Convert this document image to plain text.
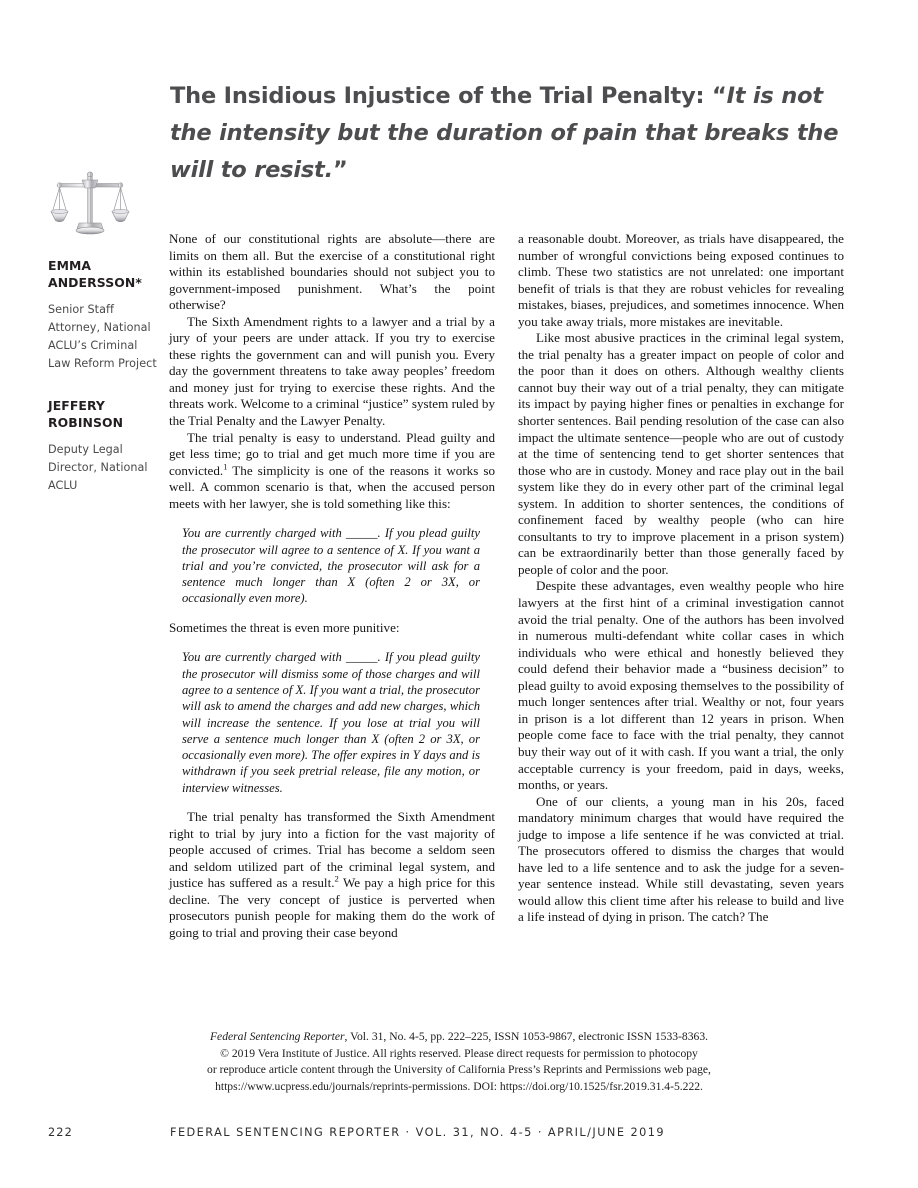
The Insidious Injustice of the Trial Penalty: “It is not the intensity but the duration of pain that breaks the will to resist.”
EMMA ANDERSSON*
Senior Staff Attorney, National ACLU’s Criminal Law Reform Project
JEFFERY ROBINSON
Deputy Legal Director, National ACLU

None of our constitutional rights are absolute—there are limits on them all. But the exercise of a constitutional right within its established boundaries should not subject you to government-imposed punishment. What’s the point otherwise?

The Sixth Amendment rights to a lawyer and a trial by a jury of your peers are under attack. If you try to exercise these rights the government can and will punish you. Every day the government threatens to take away peoples’ freedom and money just for trying to exercise these rights. And the threats work. Welcome to a criminal “justice” system ruled by the Trial Penalty and the Lawyer Penalty.

The trial penalty is easy to understand. Plead guilty and get less time; go to trial and get much more time if you are convicted.$^1$ The simplicity is one of the reasons it works so well. A common scenario is that, when the accused person meets with her lawyer, she is told something like this:

You are currently charged with _____. If you plead guilty the prosecutor will agree to a sentence of X. If you want a trial and you’re convicted, the prosecutor will ask for a sentence much longer than X (often 2 or 3X, or occasionally even more).

Sometimes the threat is even more punitive:

You are currently charged with _____. If you plead guilty the prosecutor will dismiss some of those charges and will agree to a sentence of X. If you want a trial, the prosecutor will ask to amend the charges and add new charges, which will increase the sentence. If you lose at trial you will serve a sentence much longer than X (often 2 or 3X, or occasionally even more). The offer expires in Y days and is withdrawn if you seek pretrial release, file any motion, or interview witnesses.

The trial penalty has transformed the Sixth Amendment right to trial by jury into a fiction for the vast majority of people accused of crimes. Trial has become a seldom seen and seldom utilized part of the criminal legal system, and justice has suffered as a result.$^2$ We pay a high price for this decline. The very concept of justice is perverted when prosecutors punish people for making them do the work of going to trial and proving their case beyond

a reasonable doubt. Moreover, as trials have disappeared, the number of wrongful convictions being exposed continues to climb. These two statistics are not unrelated: one important benefit of trials is that they are robust vehicles for revealing mistakes, biases, prejudices, and sometimes innocence. When you take away trials, more mistakes are inevitable.

Like most abusive practices in the criminal legal system, the trial penalty has a greater impact on people of color and the poor than it does on others. Although wealthy clients cannot buy their way out of a trial penalty, they can mitigate its impact by paying higher fines or penalties in exchange for shorter sentences. Bail pending resolution of the case can also impact the ultimate sentence—people who are out of custody at the time of sentencing tend to get shorter sentences that those who are in custody. Money and race play out in the bail system like they do in every other part of the criminal legal system. In addition to shorter sentences, the conditions of confinement faced by wealthy people (who can hire consultants to try to improve placement in a prison system) can be extraordinarily better than those generally faced by people of color and the poor.

Despite these advantages, even wealthy people who hire lawyers at the first hint of a criminal investigation cannot avoid the trial penalty. One of the authors has been involved in numerous multi-defendant white collar cases in which individuals who were ethical and honestly believed they could defend their behavior made a “business decision” to plead guilty to avoid exposing themselves to the possibility of much longer sentences after trial. Wealthy or not, four years in prison is a lot different than 12 years in prison. When people come face to face with the trial penalty, they cannot buy their way out of it with cash. If you want a trial, the only acceptable currency is your freedom, paid in days, weeks, months, or years.

One of our clients, a young man in his 20s, faced mandatory minimum charges that would have required the judge to impose a life sentence if he was convicted at trial. The prosecutors offered to dismiss the charges that would have led to a life sentence and to ask the judge for a seven-year sentence instead. While still devastating, seven years would allow this client time after his release to build and live a life instead of dying in prison. The catch? The

Federal Sentencing Reporter, Vol. 31, No. 4-5, pp. 222–225, ISSN 1053-9867, electronic ISSN 1533-8363.
© 2019 Vera Institute of Justice. All rights reserved. Please direct requests for permission to photocopy
or reproduce article content through the University of California Press’s Reprints and Permissions web page,
https://www.ucpress.edu/journals/reprints-permissions. DOI: https://doi.org/10.1525/fsr.2019.31.4-5.222.
222	FEDERAL SENTENCING REPORTER · VOL. 31, NO. 4-5 · APRIL/JUNE 2019
